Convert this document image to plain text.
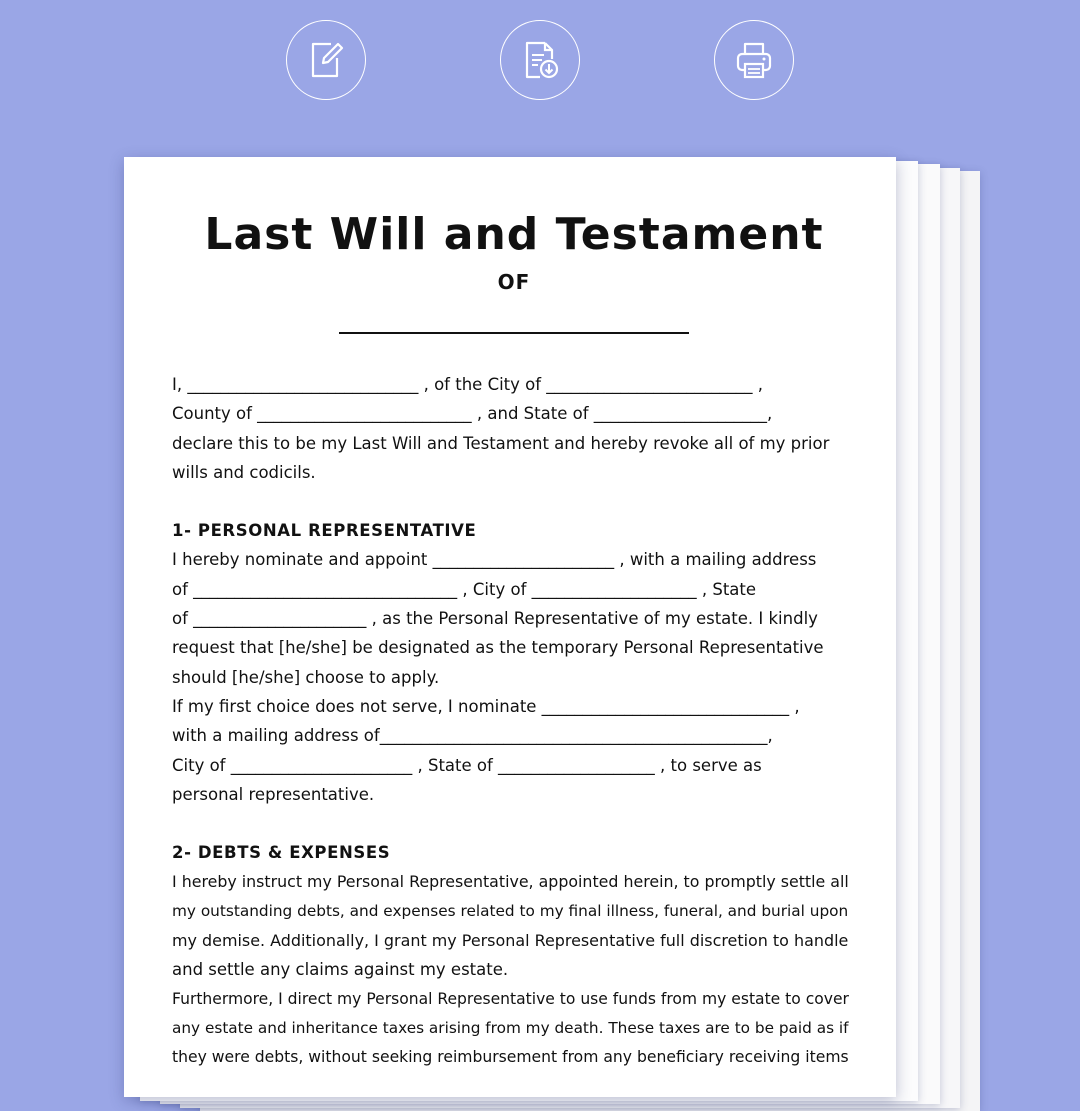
Last Will and Testament
OF
I, ____________________________ , of the City of _________________________ ,
County of __________________________ , and State of _____________________,
declare this to be my Last Will and Testament and hereby revoke all of my prior
wills and codicils.
1- PERSONAL REPRESENTATIVE
I hereby nominate and appoint ______________________ , with a mailing address
of ________________________________ , City of ____________________ , State
of _____________________ , as the Personal Representative of my estate. I kindly
request that [he/she] be designated as the temporary Personal Representative
should [he/she] choose to apply.
If my first choice does not serve, I nominate ______________________________ ,
with a mailing address of_______________________________________________,
City of ______________________ , State of ___________________ , to serve as
personal representative.
2- DEBTS & EXPENSES
I hereby instruct my Personal Representative, appointed herein, to promptly settle all
my outstanding debts, and expenses related to my final illness, funeral, and burial upon
my demise. Additionally, I grant my Personal Representative full discretion to handle
and settle any claims against my estate.
Furthermore, I direct my Personal Representative to use funds from my estate to cover
any estate and inheritance taxes arising from my death. These taxes are to be paid as if
they were debts, without seeking reimbursement from any beneficiary receiving items
